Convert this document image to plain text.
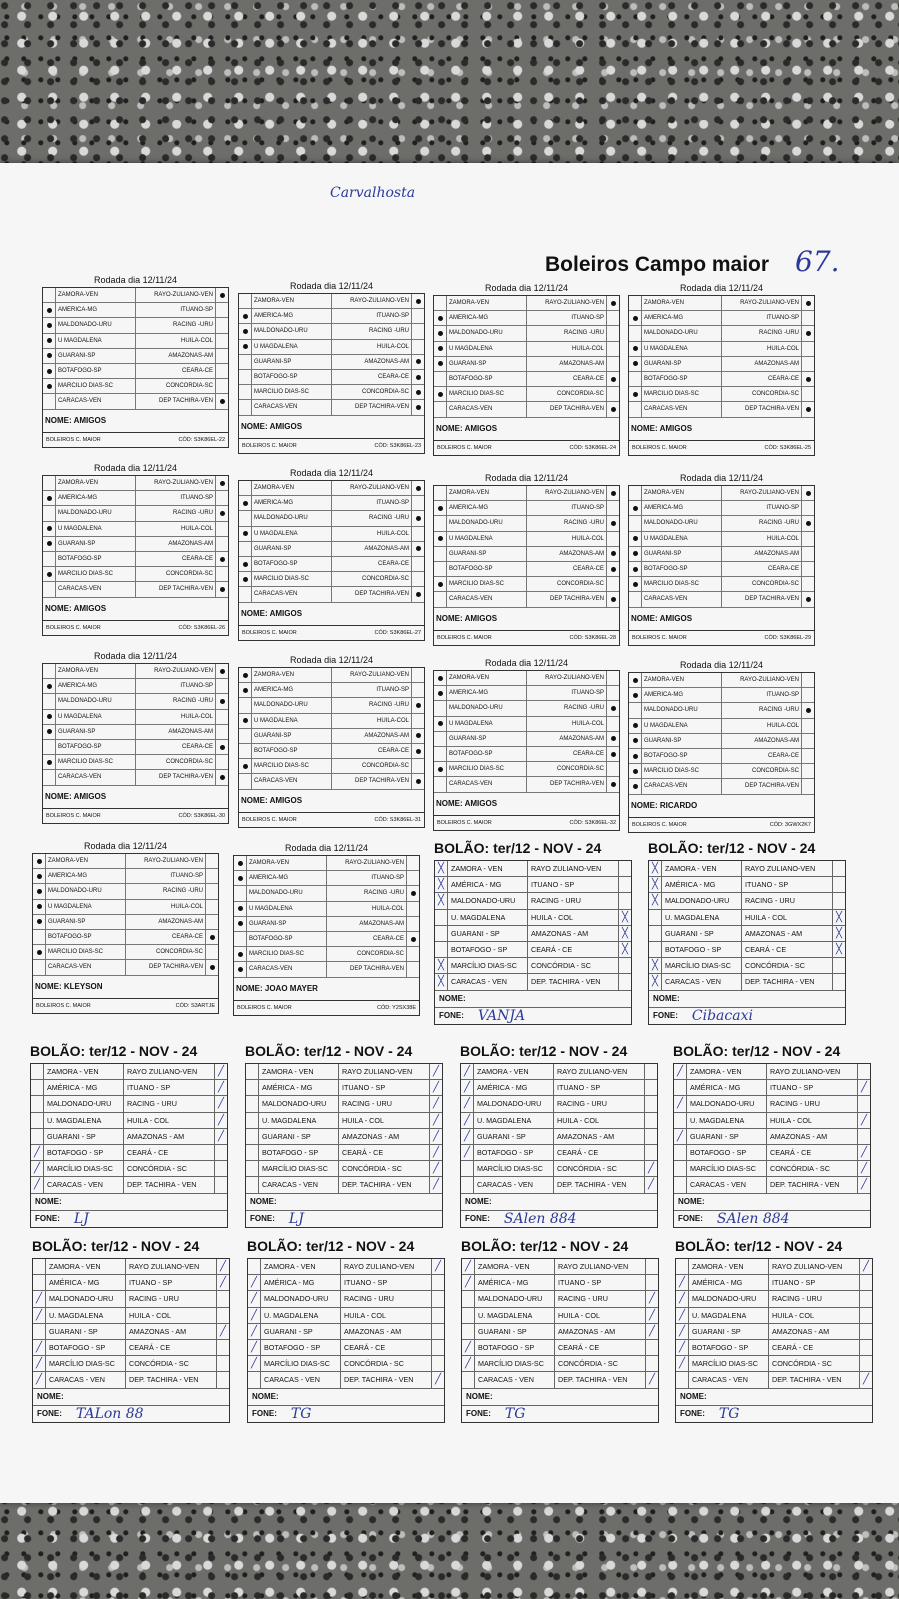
Carvalhosta
Boleiros Campo maior 67.
Rodada dia 12/11/24
ZAMORA-VEN	RAYO-ZULIANO-VEN
AMERICA-MG	ITUANO-SP
MALDONADO-URU	RACING -URU
U MAGDALENA	HUILA-COL
GUARANI-SP	AMAZONAS-AM
BOTAFOGO-SP	CEARA-CE
MARCILIO DIAS-SC	CONCORDIA-SC
CARACAS-VEN	DEP TACHIRA-VEN
NOME: AMIGOS
BOLEIROS C. MAIOR	CÓD: S3K86EL-22
Rodada dia 12/11/24
ZAMORA-VEN	RAYO-ZULIANO-VEN
AMERICA-MG	ITUANO-SP
MALDONADO-URU	RACING -URU
U MAGDALENA	HUILA-COL
GUARANI-SP	AMAZONAS-AM
BOTAFOGO-SP	CEARA-CE
MARCILIO DIAS-SC	CONCORDIA-SC
CARACAS-VEN	DEP TACHIRA-VEN
NOME: AMIGOS
BOLEIROS C. MAIOR	CÓD: S3K86EL-23
Rodada dia 12/11/24
ZAMORA-VEN	RAYO-ZULIANO-VEN
AMERICA-MG	ITUANO-SP
MALDONADO-URU	RACING -URU
U MAGDALENA	HUILA-COL
GUARANI-SP	AMAZONAS-AM
BOTAFOGO-SP	CEARA-CE
MARCILIO DIAS-SC	CONCORDIA-SC
CARACAS-VEN	DEP TACHIRA-VEN
NOME: AMIGOS
BOLEIROS C. MAIOR	CÓD: S3K86EL-24
Rodada dia 12/11/24
ZAMORA-VEN	RAYO-ZULIANO-VEN
AMERICA-MG	ITUANO-SP
MALDONADO-URU	RACING -URU
U MAGDALENA	HUILA-COL
GUARANI-SP	AMAZONAS-AM
BOTAFOGO-SP	CEARA-CE
MARCILIO DIAS-SC	CONCORDIA-SC
CARACAS-VEN	DEP TACHIRA-VEN
NOME: AMIGOS
BOLEIROS C. MAIOR	CÓD: S3K86EL-25
Rodada dia 12/11/24
ZAMORA-VEN	RAYO-ZULIANO-VEN
AMERICA-MG	ITUANO-SP
MALDONADO-URU	RACING -URU
U MAGDALENA	HUILA-COL
GUARANI-SP	AMAZONAS-AM
BOTAFOGO-SP	CEARA-CE
MARCILIO DIAS-SC	CONCORDIA-SC
CARACAS-VEN	DEP TACHIRA-VEN
NOME: AMIGOS
BOLEIROS C. MAIOR	CÓD: S3K86EL-26
Rodada dia 12/11/24
ZAMORA-VEN	RAYO-ZULIANO-VEN
AMERICA-MG	ITUANO-SP
MALDONADO-URU	RACING -URU
U MAGDALENA	HUILA-COL
GUARANI-SP	AMAZONAS-AM
BOTAFOGO-SP	CEARA-CE
MARCILIO DIAS-SC	CONCORDIA-SC
CARACAS-VEN	DEP TACHIRA-VEN
NOME: AMIGOS
BOLEIROS C. MAIOR	CÓD: S3K86EL-27
Rodada dia 12/11/24
ZAMORA-VEN	RAYO-ZULIANO-VEN
AMERICA-MG	ITUANO-SP
MALDONADO-URU	RACING -URU
U MAGDALENA	HUILA-COL
GUARANI-SP	AMAZONAS-AM
BOTAFOGO-SP	CEARA-CE
MARCILIO DIAS-SC	CONCORDIA-SC
CARACAS-VEN	DEP TACHIRA-VEN
NOME: AMIGOS
BOLEIROS C. MAIOR	CÓD: S3K86EL-28
Rodada dia 12/11/24
ZAMORA-VEN	RAYO-ZULIANO-VEN
AMERICA-MG	ITUANO-SP
MALDONADO-URU	RACING -URU
U MAGDALENA	HUILA-COL
GUARANI-SP	AMAZONAS-AM
BOTAFOGO-SP	CEARA-CE
MARCILIO DIAS-SC	CONCORDIA-SC
CARACAS-VEN	DEP TACHIRA-VEN
NOME: AMIGOS
BOLEIROS C. MAIOR	CÓD: S3K86EL-29
Rodada dia 12/11/24
ZAMORA-VEN	RAYO-ZULIANO-VEN
AMERICA-MG	ITUANO-SP
MALDONADO-URU	RACING -URU
U MAGDALENA	HUILA-COL
GUARANI-SP	AMAZONAS-AM
BOTAFOGO-SP	CEARA-CE
MARCILIO DIAS-SC	CONCORDIA-SC
CARACAS-VEN	DEP TACHIRA-VEN
NOME: AMIGOS
BOLEIROS C. MAIOR	CÓD: S3K86EL-30
Rodada dia 12/11/24
ZAMORA-VEN	RAYO-ZULIANO-VEN
AMERICA-MG	ITUANO-SP
MALDONADO-URU	RACING -URU
U MAGDALENA	HUILA-COL
GUARANI-SP	AMAZONAS-AM
BOTAFOGO-SP	CEARA-CE
MARCILIO DIAS-SC	CONCORDIA-SC
CARACAS-VEN	DEP TACHIRA-VEN
NOME: AMIGOS
BOLEIROS C. MAIOR	CÓD: S3K86EL-31
Rodada dia 12/11/24
ZAMORA-VEN	RAYO-ZULIANO-VEN
AMERICA-MG	ITUANO-SP
MALDONADO-URU	RACING -URU
U MAGDALENA	HUILA-COL
GUARANI-SP	AMAZONAS-AM
BOTAFOGO-SP	CEARA-CE
MARCILIO DIAS-SC	CONCORDIA-SC
CARACAS-VEN	DEP TACHIRA-VEN
NOME: AMIGOS
BOLEIROS C. MAIOR	CÓD: S3K86EL-32
Rodada dia 12/11/24
ZAMORA-VEN	RAYO-ZULIANO-VEN
AMERICA-MG	ITUANO-SP
MALDONADO-URU	RACING -URU
U MAGDALENA	HUILA-COL
GUARANI-SP	AMAZONAS-AM
BOTAFOGO-SP	CEARA-CE
MARCILIO DIAS-SC	CONCORDIA-SC
CARACAS-VEN	DEP TACHIRA-VEN
NOME: RICARDO
BOLEIROS C. MAIOR	CÓD: 3GWX2K7
Rodada dia 12/11/24
ZAMORA-VEN	RAYO-ZULIANO-VEN
AMERICA-MG	ITUANO-SP
MALDONADO-URU	RACING -URU
U MAGDALENA	HUILA-COL
GUARANI-SP	AMAZONAS-AM
BOTAFOGO-SP	CEARA-CE
MARCILIO DIAS-SC	CONCORDIA-SC
CARACAS-VEN	DEP TACHIRA-VEN
NOME: KLEYSON
BOLEIROS C. MAIOR	CÓD: S3ARTJE
Rodada dia 12/11/24
ZAMORA-VEN	RAYO-ZULIANO-VEN
AMERICA-MG	ITUANO-SP
MALDONADO-URU	RACING -URU
U MAGDALENA	HUILA-COL
GUARANI-SP	AMAZONAS-AM
BOTAFOGO-SP	CEARA-CE
MARCILIO DIAS-SC	CONCORDIA-SC
CARACAS-VEN	DEP TACHIRA-VEN
NOME: JOAO MAYER
BOLEIROS C. MAIOR	CÓD: Y2SX38E
BOLÃO: ter/12 - NOV - 24
╳ ZAMORA - VEN	RAYO ZULIANO-VEN
╳ AMÉRICA - MG	ITUANO - SP
╳ MALDONADO-URU	RACING - URU
U. MAGDALENA	HUILA - COL	╳
GUARANI - SP	AMAZONAS - AM	╳
BOTAFOGO - SP	CEARÁ - CE	╳
╳ MARCÍLIO DIAS-SC	CONCÓRDIA - SC
╳ CARACAS - VEN	DEP. TACHIRA - VEN
NOME:
FONE: VANJA
BOLÃO: ter/12 - NOV - 24
╳ ZAMORA - VEN	RAYO ZULIANO-VEN
╳ AMÉRICA - MG	ITUANO - SP
╳ MALDONADO-URU	RACING - URU
U. MAGDALENA	HUILA - COL	╳
GUARANI - SP	AMAZONAS - AM	╳
BOTAFOGO - SP	CEARÁ - CE	╳
╳ MARCÍLIO DIAS-SC	CONCÓRDIA - SC
╳ CARACAS - VEN	DEP. TACHIRA - VEN
NOME:
FONE: Cibacaxi
BOLÃO: ter/12 - NOV - 24
ZAMORA - VEN	RAYO ZULIANO-VEN	╱
AMÉRICA - MG	ITUANO - SP	╱
MALDONADO-URU	RACING - URU	╱
U. MAGDALENA	HUILA - COL	╱
GUARANI - SP	AMAZONAS - AM	╱
╱ BOTAFOGO - SP	CEARÁ - CE
╱ MARCÍLIO DIAS-SC	CONCÓRDIA - SC
╱ CARACAS - VEN	DEP. TACHIRA - VEN
NOME:
FONE: LJ
BOLÃO: ter/12 - NOV - 24
ZAMORA - VEN	RAYO ZULIANO-VEN	╱
AMÉRICA - MG	ITUANO - SP	╱
MALDONADO-URU	RACING - URU	╱
U. MAGDALENA	HUILA - COL	╱
GUARANI - SP	AMAZONAS - AM	╱
BOTAFOGO - SP	CEARÁ - CE	╱
MARCÍLIO DIAS-SC	CONCÓRDIA - SC	╱
CARACAS - VEN	DEP. TACHIRA - VEN	╱
NOME:
FONE: LJ
BOLÃO: ter/12 - NOV - 24
╱ ZAMORA - VEN	RAYO ZULIANO-VEN
╱ AMÉRICA - MG	ITUANO - SP
╱ MALDONADO-URU	RACING - URU
╱ U. MAGDALENA	HUILA - COL
╱ GUARANI - SP	AMAZONAS - AM
╱ BOTAFOGO - SP	CEARÁ - CE
MARCÍLIO DIAS-SC	CONCÓRDIA - SC	╱
CARACAS - VEN	DEP. TACHIRA - VEN	╱
NOME:
FONE: SAlen 884
BOLÃO: ter/12 - NOV - 24
╱ ZAMORA - VEN	RAYO ZULIANO-VEN
AMÉRICA - MG	ITUANO - SP	╱
╱ MALDONADO-URU	RACING - URU
U. MAGDALENA	HUILA - COL	╱
╱ GUARANI - SP	AMAZONAS - AM
BOTAFOGO - SP	CEARÁ - CE	╱
MARCÍLIO DIAS-SC	CONCÓRDIA - SC	╱
CARACAS - VEN	DEP. TACHIRA - VEN	╱
NOME:
FONE: SAlen 884
BOLÃO: ter/12 - NOV - 24
ZAMORA - VEN	RAYO ZULIANO-VEN	╱
AMÉRICA - MG	ITUANO - SP	╱
╱ MALDONADO-URU	RACING - URU
╱ U. MAGDALENA	HUILA - COL
GUARANI - SP	AMAZONAS - AM	╱
╱ BOTAFOGO - SP	CEARÁ - CE
╱ MARCÍLIO DIAS-SC	CONCÓRDIA - SC
╱ CARACAS - VEN	DEP. TACHIRA - VEN
NOME:
FONE: TALon 88
BOLÃO: ter/12 - NOV - 24
ZAMORA - VEN	RAYO ZULIANO-VEN	╱
╱ AMÉRICA - MG	ITUANO - SP
╱ MALDONADO-URU	RACING - URU
╱ U. MAGDALENA	HUILA - COL
╱ GUARANI - SP	AMAZONAS - AM
╱ BOTAFOGO - SP	CEARÁ - CE
╱ MARCÍLIO DIAS-SC	CONCÓRDIA - SC
CARACAS - VEN	DEP. TACHIRA - VEN	╱
NOME:
FONE: TG
BOLÃO: ter/12 - NOV - 24
╱ ZAMORA - VEN	RAYO ZULIANO-VEN
╱ AMÉRICA - MG	ITUANO - SP
MALDONADO-URU	RACING - URU	╱
U. MAGDALENA	HUILA - COL	╱
GUARANI - SP	AMAZONAS - AM	╱
╱ BOTAFOGO - SP	CEARÁ - CE
╱ MARCÍLIO DIAS-SC	CONCÓRDIA - SC
CARACAS - VEN	DEP. TACHIRA - VEN	╱
NOME:
FONE: TG
BOLÃO: ter/12 - NOV - 24
ZAMORA - VEN	RAYO ZULIANO-VEN	╱
╱ AMÉRICA - MG	ITUANO - SP
╱ MALDONADO-URU	RACING - URU
╱ U. MAGDALENA	HUILA - COL
╱ GUARANI - SP	AMAZONAS - AM
╱ BOTAFOGO - SP	CEARÁ - CE
╱ MARCÍLIO DIAS-SC	CONCÓRDIA - SC
CARACAS - VEN	DEP. TACHIRA - VEN	╱
NOME:
FONE: TG
